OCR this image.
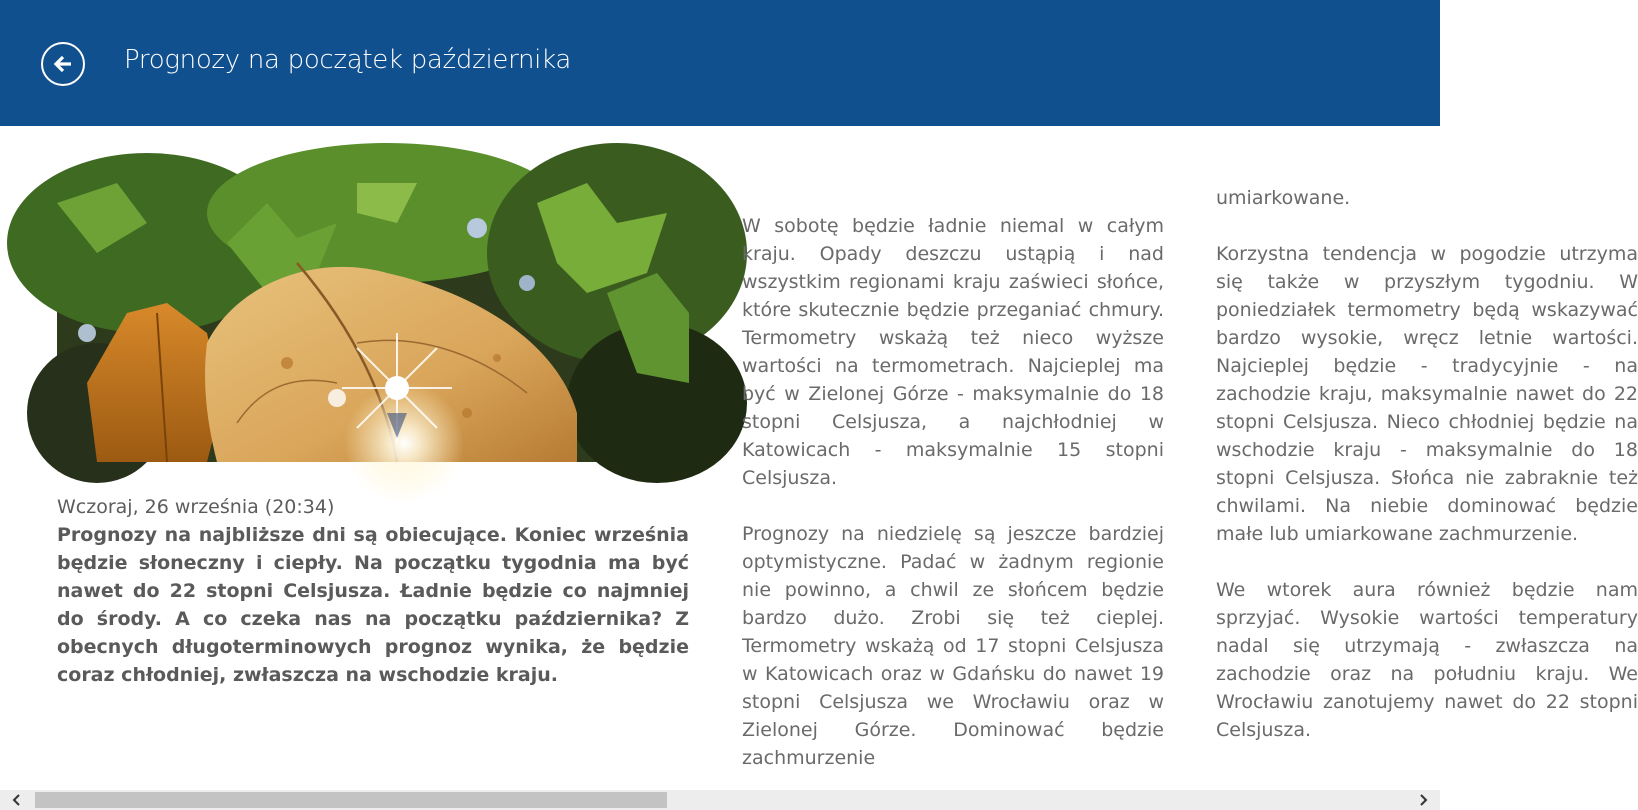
Prognozy na początek października
Wczoraj, 26 września (20:34)

Prognozy na najbliższe dni są obiecujące. Koniec września będzie słoneczny i ciepły. Na początku tygodnia ma być nawet do 22 stopni Celsjusza. Ładnie będzie co najmniej do środy. A co czeka nas na początku października? Z obecnych długoterminowych prognoz wynika, że będzie coraz chłodniej, zwłaszcza na wschodzie kraju.

W sobotę będzie ładnie niemal w całym kraju. Opady deszczu ustąpią i nad wszystkim regionami kraju zaświeci słońce, które skutecznie będzie przeganiać chmury. Termometry wskażą też nieco wyższe wartości na termometrach. Najcieplej ma być w Zielonej Górze - maksymalnie do 18 stopni Celsjusza, a najchłodniej w Katowicach - maksymalnie 15 stopni Celsjusza.

Prognozy na niedzielę są jeszcze bardziej optymistyczne. Padać w żadnym regionie nie powinno, a chwil ze słońcem będzie bardzo dużo. Zrobi się też cieplej. Termometry wskażą od 17 stopni Celsjusza w Katowicach oraz w Gdańsku do nawet 19 stopni Celsjusza we Wrocławiu oraz w Zielonej Górze. Dominować będzie zachmurzenie

umiarkowane.

Korzystna tendencja w pogodzie utrzyma się także w przyszłym tygodniu. W poniedziałek termometry będą wskazywać bardzo wysokie, wręcz letnie wartości. Najcieplej będzie - tradycyjnie - na zachodzie kraju, maksymalnie nawet do 22 stopni Celsjusza. Nieco chłodniej będzie na wschodzie kraju - maksymalnie do 18 stopni Celsjusza. Słońca nie zabraknie też chwilami. Na niebie dominować będzie małe lub umiarkowane zachmurzenie.

We wtorek aura również będzie nam sprzyjać. Wysokie wartości temperatury nadal się utrzymają - zwłaszcza na zachodzie oraz na południu kraju. We Wrocławiu zanotujemy nawet do 22 stopni Celsjusza.
